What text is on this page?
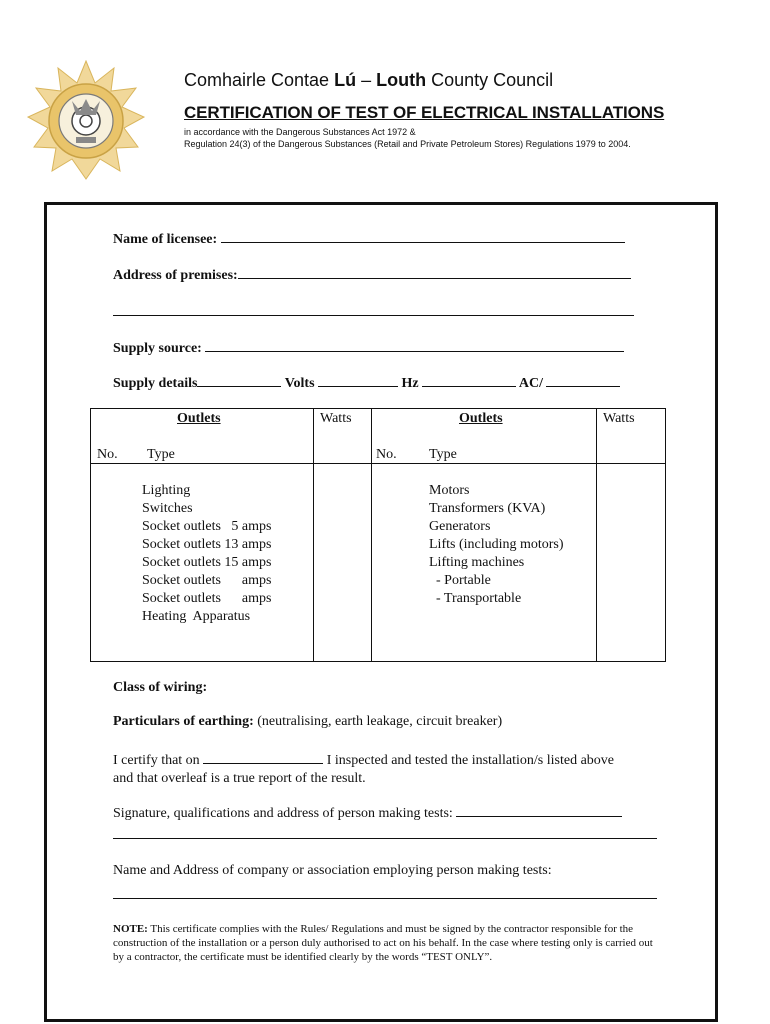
Comhairle Contae Lú – Louth County Council
CERTIFICATION OF TEST OF ELECTRICAL INSTALLATIONS
in accordance with the Dangerous Substances Act 1972 &
Regulation 24(3) of the Dangerous Substances (Retail and Private Petroleum Stores) Regulations 1979 to 2004.
Name of licensee:
Address of premises:
Supply source:
Supply details	Volts	Hz	AC/
Outlets	Watts	Outlets	Watts
No. Type	No. Type
Lighting
Switches
Socket outlets   5 amps
Socket outlets 13 amps
Socket outlets 15 amps
Socket outlets      amps
Socket outlets      amps
Heating  Apparatus
Motors
Transformers (KVA)
Generators
Lifts (including motors)
Lifting machines
- Portable
- Transportable
Class of wiring:
Particulars of earthing: (neutralising, earth leakage, circuit breaker)
I certify that on	I inspected and tested the installation/s listed above
and that overleaf is a true report of the result.
Signature, qualifications and address of person making tests:
Name and Address of company or association employing person making tests:
NOTE: This certificate complies with the Rules/ Regulations and must be signed by the contractor responsible for the construction of the installation or a person duly authorised to act on his behalf. In the case where testing only is carried out by a contractor, the certificate must be identified clearly by the words “TEST ONLY”.
